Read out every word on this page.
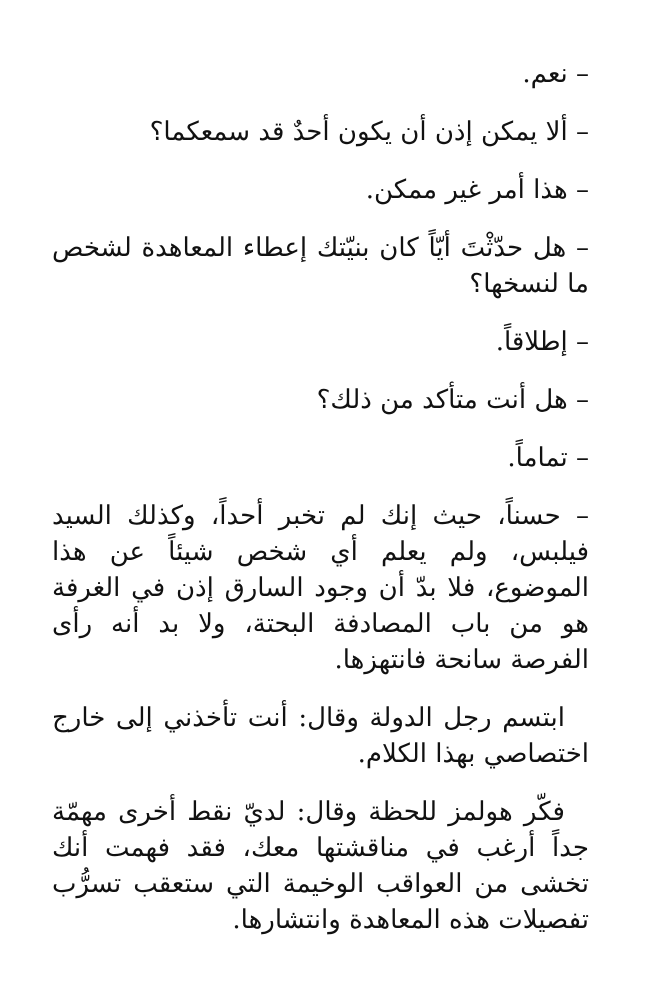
– نعم.

– ألا يمكن إذن أن يكون أحدٌ قد سمعكما؟

– هذا أمر غير ممكن.

– هل حدّثْتَ أيّاً كان بنيّتك إعطاء المعاهدة لشخص ما لنسخها؟

– إطلاقاً.

– هل أنت متأكد من ذلك؟

– تماماً.

– حسناً، حيث إنك لم تخبر أحداً، وكذلك السيد فيلبس، ولم يعلم أي شخص شيئاً عن هذا الموضوع، فلا بدّ أن وجود السارق إذن في الغرفة هو من باب المصادفة البحتة، ولا بد أنه رأى الفرصة سانحة فانتهزها.

ابتسم رجل الدولة وقال: أنت تأخذني إلى خارج اختصاصي بهذا الكلام.

فكّر هولمز للحظة وقال: لديّ نقط أخرى مهمّة جداً أرغب في مناقشتها معك، فقد فهمت أنك تخشى من العواقب الوخيمة التي ستعقب تسرُّب تفصيلات هذه المعاهدة وانتشارها.
